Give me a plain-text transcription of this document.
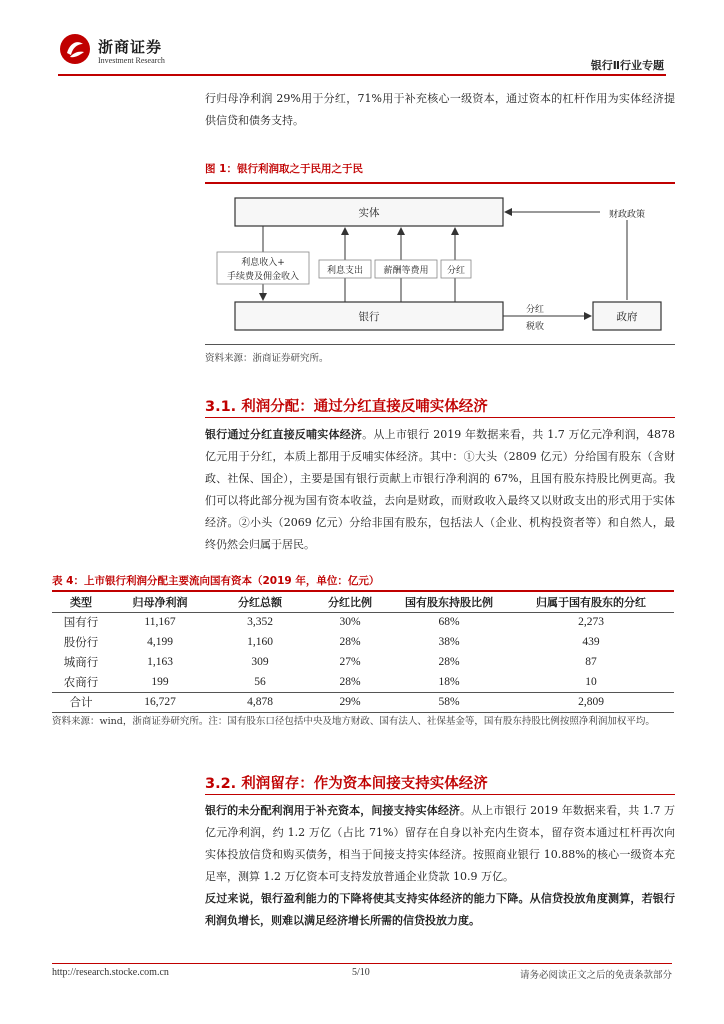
浙商证券
Investment Research	银行Ⅱ行业专题
行归母净利润 29%用于分红，71%用于补充核心一级资本，通过资本的杠杆作用为实体经济提供信贷和债务支持。
图 1：银行利润取之于民用之于民
实体
银行	政府
利息收入+
手续费及佣金收入
利息支出 薪酬等费用 分红
财政政策
分红
税收
资料来源：浙商证券研究所。
3.1. 利润分配：通过分红直接反哺实体经济
银行通过分红直接反哺实体经济。从上市银行 2019 年数据来看，共 1.7 万亿元净利润，4878 亿元用于分红，本质上都用于反哺实体经济。其中：①大头（2809 亿元）分给国有股东（含财政、社保、国企），主要是国有银行贡献上市银行净利润的 67%，且国有股东持股比例更高。我们可以将此部分视为国有资本收益，去向是财政，而财政收入最终又以财政支出的形式用于实体经济。②小头（2069 亿元）分给非国有股东，包括法人（企业、机构投资者等）和自然人，最终仍然会归属于居民。
表 4：上市银行利润分配主要流向国有资本（2019 年，单位：亿元）
类型	归母净利润	分红总额	分红比例	国有股东持股比例	归属于国有股东的分红
国有行	11,167	3,352	30%	68%	2,273
股份行	4,199	1,160	28%	38%	439
城商行	1,163	309	27%	28%	87
农商行	199	56	28%	18%	10
合计	16,727	4,878	29%	58%	2,809
资料来源：wind，浙商证券研究所。注：国有股东口径包括中央及地方财政、国有法人、社保基金等，国有股东持股比例按照净利润加权平均。
3.2. 利润留存：作为资本间接支持实体经济
银行的未分配利润用于补充资本，间接支持实体经济。从上市银行 2019 年数据来看，共 1.7 万亿元净利润，约 1.2 万亿（占比 71%）留存在自身以补充内生资本，留存资本通过杠杆再次向实体投放信贷和购买债务，相当于间接支持实体经济。按照商业银行 10.88%的核心一级资本充足率，测算 1.2 万亿资本可支持发放普通企业贷款 10.9 万亿。
反过来说，银行盈利能力的下降将使其支持实体经济的能力下降。从信贷投放角度测算，若银行利润负增长，则难以满足经济增长所需的信贷投放力度。
http://research.stocke.com.cn	5/10	请务必阅读正文之后的免责条款部分
